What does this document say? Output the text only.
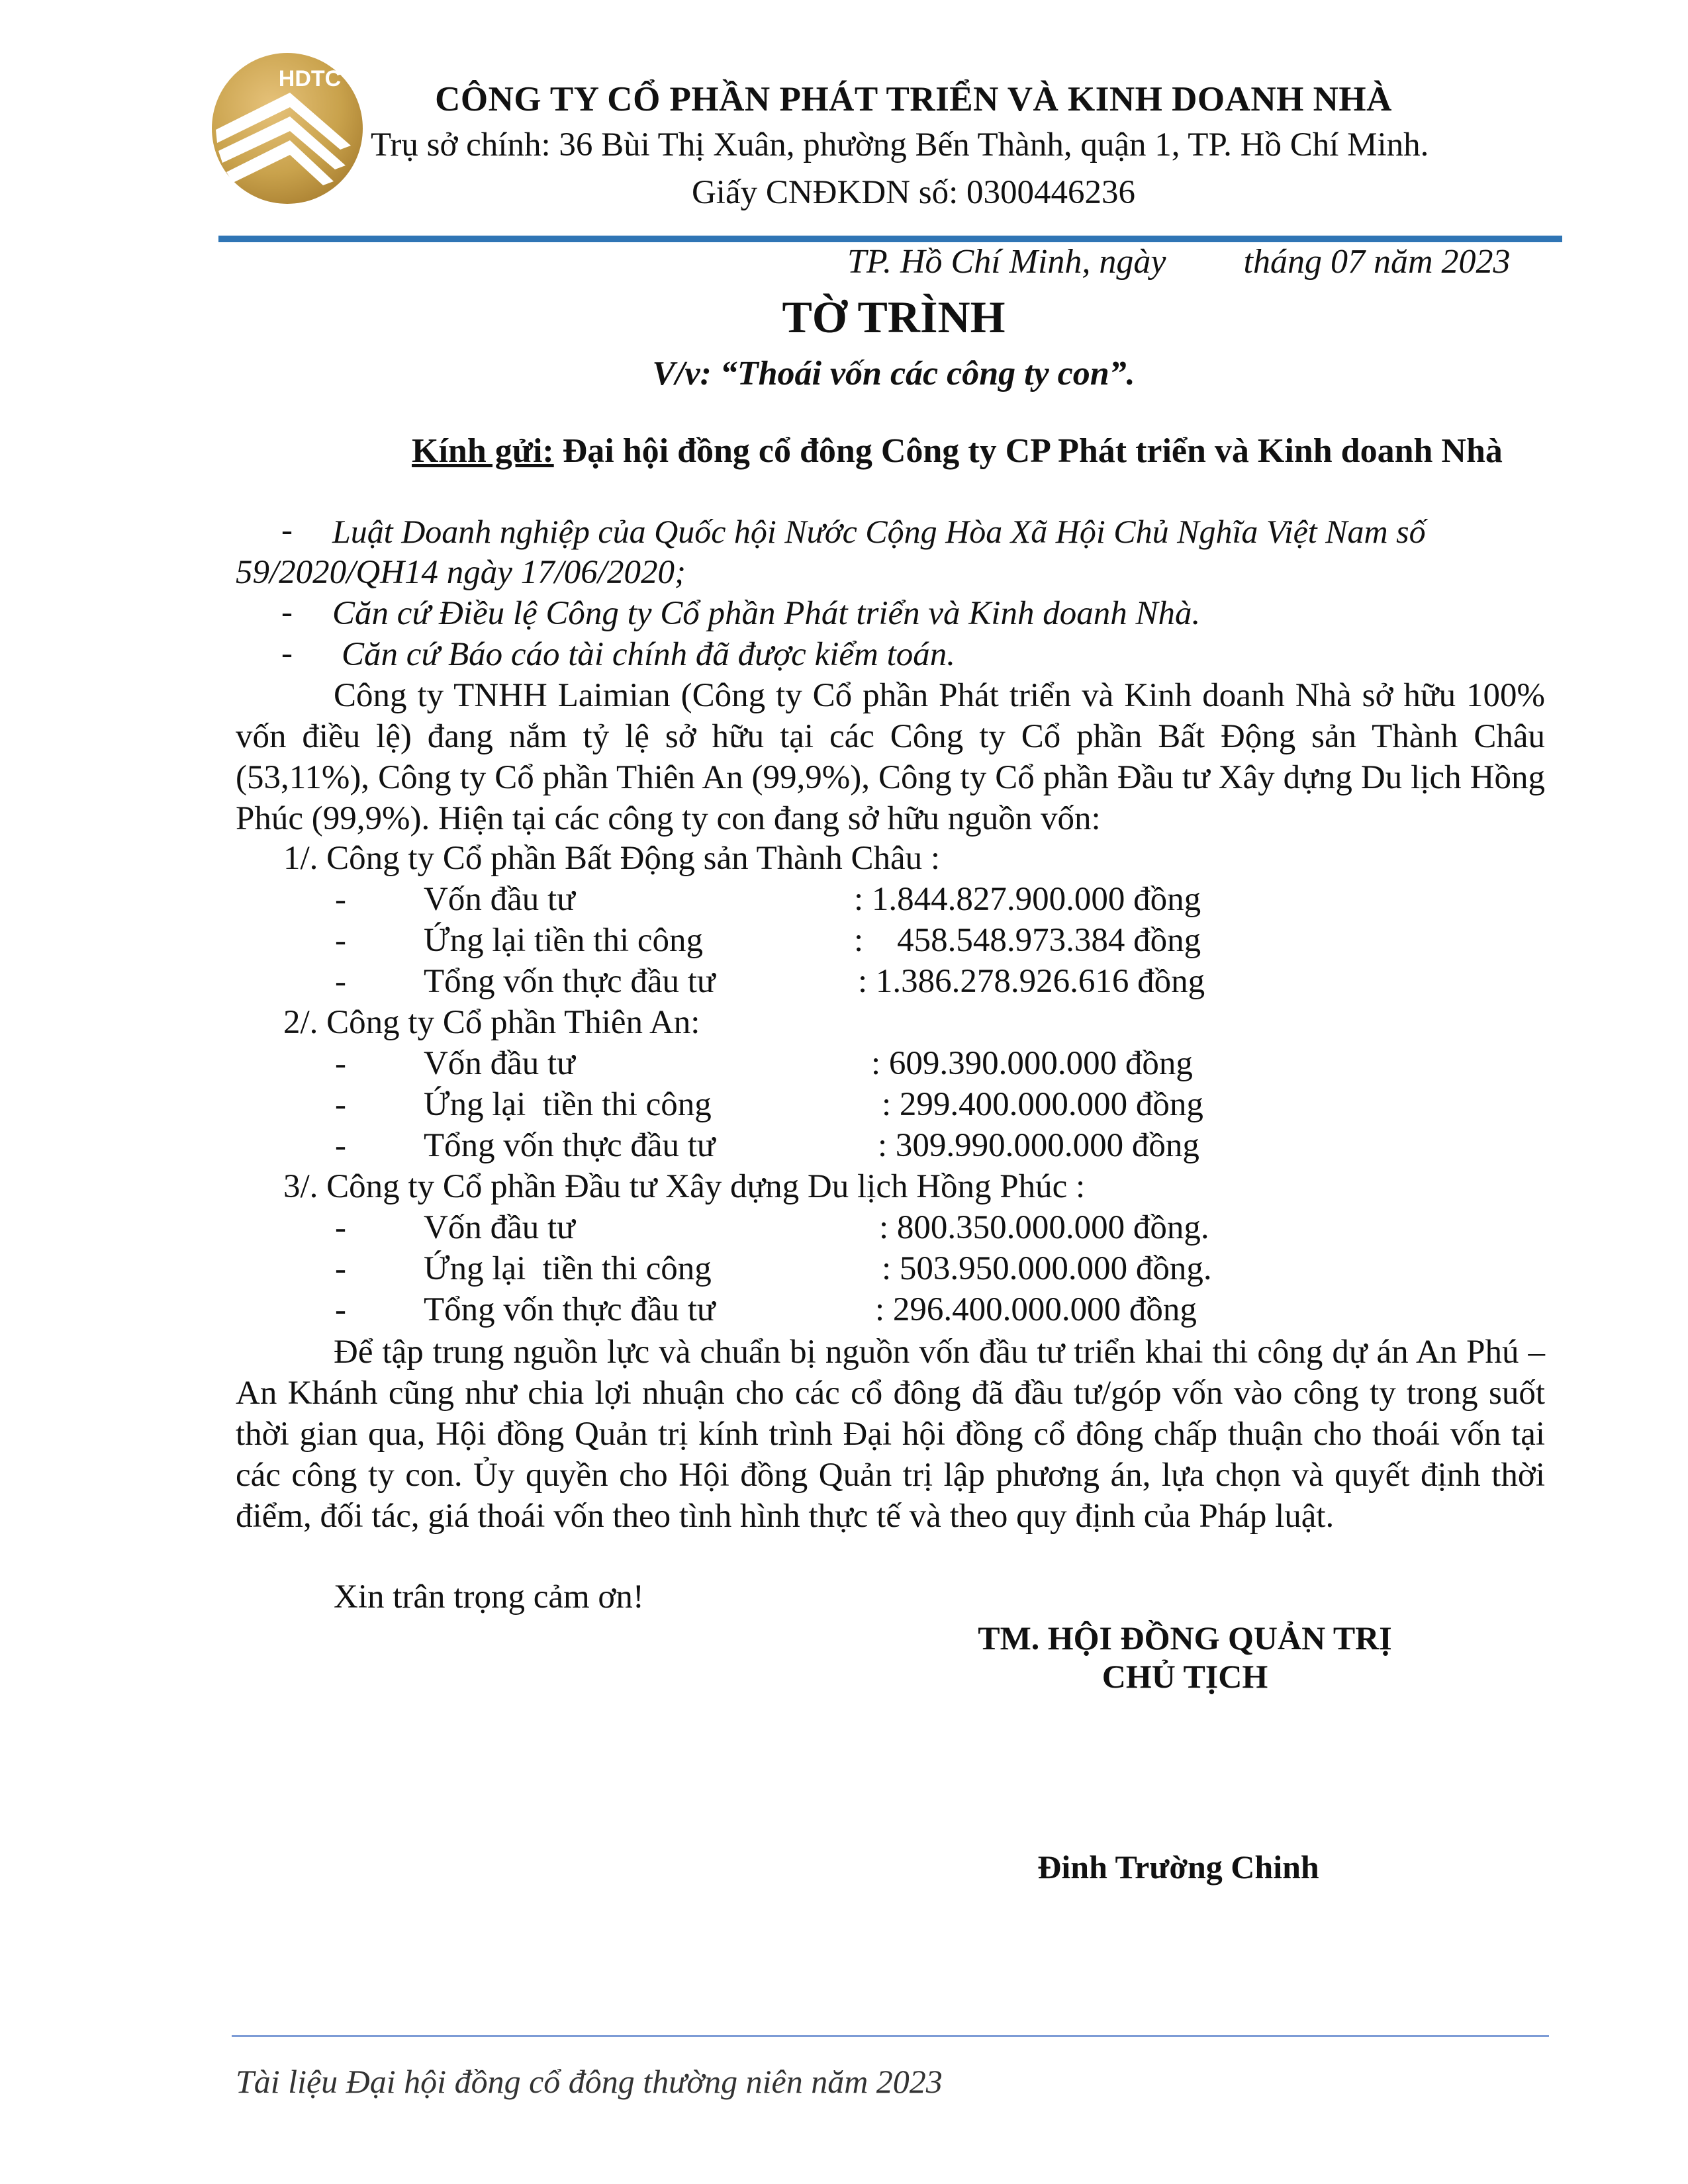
HDTC
CÔNG TY CỔ PHẦN PHÁT TRIỂN VÀ KINH DOANH NHÀ
Trụ sở chính: 36 Bùi Thị Xuân, phường Bến Thành, quận 1, TP. Hồ Chí Minh.
Giấy CNĐKDN số: 0300446236
TP. Hồ Chí Minh, ngày         tháng 07 năm 2023
TỜ TRÌNH
V/v: “Thoái vốn các công ty con”.
Kính gửi: Đại hội đồng cổ đông Công ty CP Phát triển và Kinh doanh Nhà
- Luật Doanh nghiệp của Quốc hội Nước Cộng Hòa Xã Hội Chủ Nghĩa Việt Nam số
59/2020/QH14 ngày 17/06/2020;
- Căn cứ Điều lệ Công ty Cổ phần Phát triển và Kinh doanh Nhà.
- Căn cứ Báo cáo tài chính đã được kiểm toán.
Công ty TNHH Laimian (Công ty Cổ phần Phát triển và Kinh doanh Nhà sở hữu 100% vốn điều lệ) đang nắm tỷ lệ sở hữu tại các Công ty Cổ phần Bất Động sản Thành Châu (53,11%), Công ty Cổ phần Thiên An (99,9%), Công ty Cổ phần Đầu tư Xây dựng Du lịch Hồng Phúc (99,9%). Hiện tại các công ty con đang sở hữu nguồn vốn:
1/. Công ty Cổ phần Bất Động sản Thành Châu :
- Vốn đầu tư	: 1.844.827.900.000 đồng
- Ứng lại tiền thi công	:    458.548.973.384 đồng
- Tổng vốn thực đầu tư	: 1.386.278.926.616 đồng
2/. Công ty Cổ phần Thiên An:
- Vốn đầu tư	: 609.390.000.000 đồng
- Ứng lại  tiền thi công	: 299.400.000.000 đồng
- Tổng vốn thực đầu tư	: 309.990.000.000 đồng
3/. Công ty Cổ phần Đầu tư Xây dựng Du lịch Hồng Phúc :
- Vốn đầu tư	: 800.350.000.000 đồng.
- Ứng lại  tiền thi công	: 503.950.000.000 đồng.
- Tổng vốn thực đầu tư	: 296.400.000.000 đồng
Để tập trung nguồn lực và chuẩn bị nguồn vốn đầu tư triển khai thi công dự án An Phú – An Khánh cũng như chia lợi nhuận cho các cổ đông đã đầu tư/góp vốn vào công ty trong suốt thời gian qua, Hội đồng Quản trị kính trình Đại hội đồng cổ đông chấp thuận cho thoái vốn tại các công ty con. Ủy quyền cho Hội đồng Quản trị lập phương án, lựa chọn và quyết định thời điểm, đối tác, giá thoái vốn theo tình hình thực tế và theo quy định của Pháp luật.
Xin trân trọng cảm ơn!
TM. HỘI ĐỒNG QUẢN TRỊ
CHỦ TỊCH
Đinh Trường Chinh
Tài liệu Đại hội đồng cổ đông thường niên năm 2023
